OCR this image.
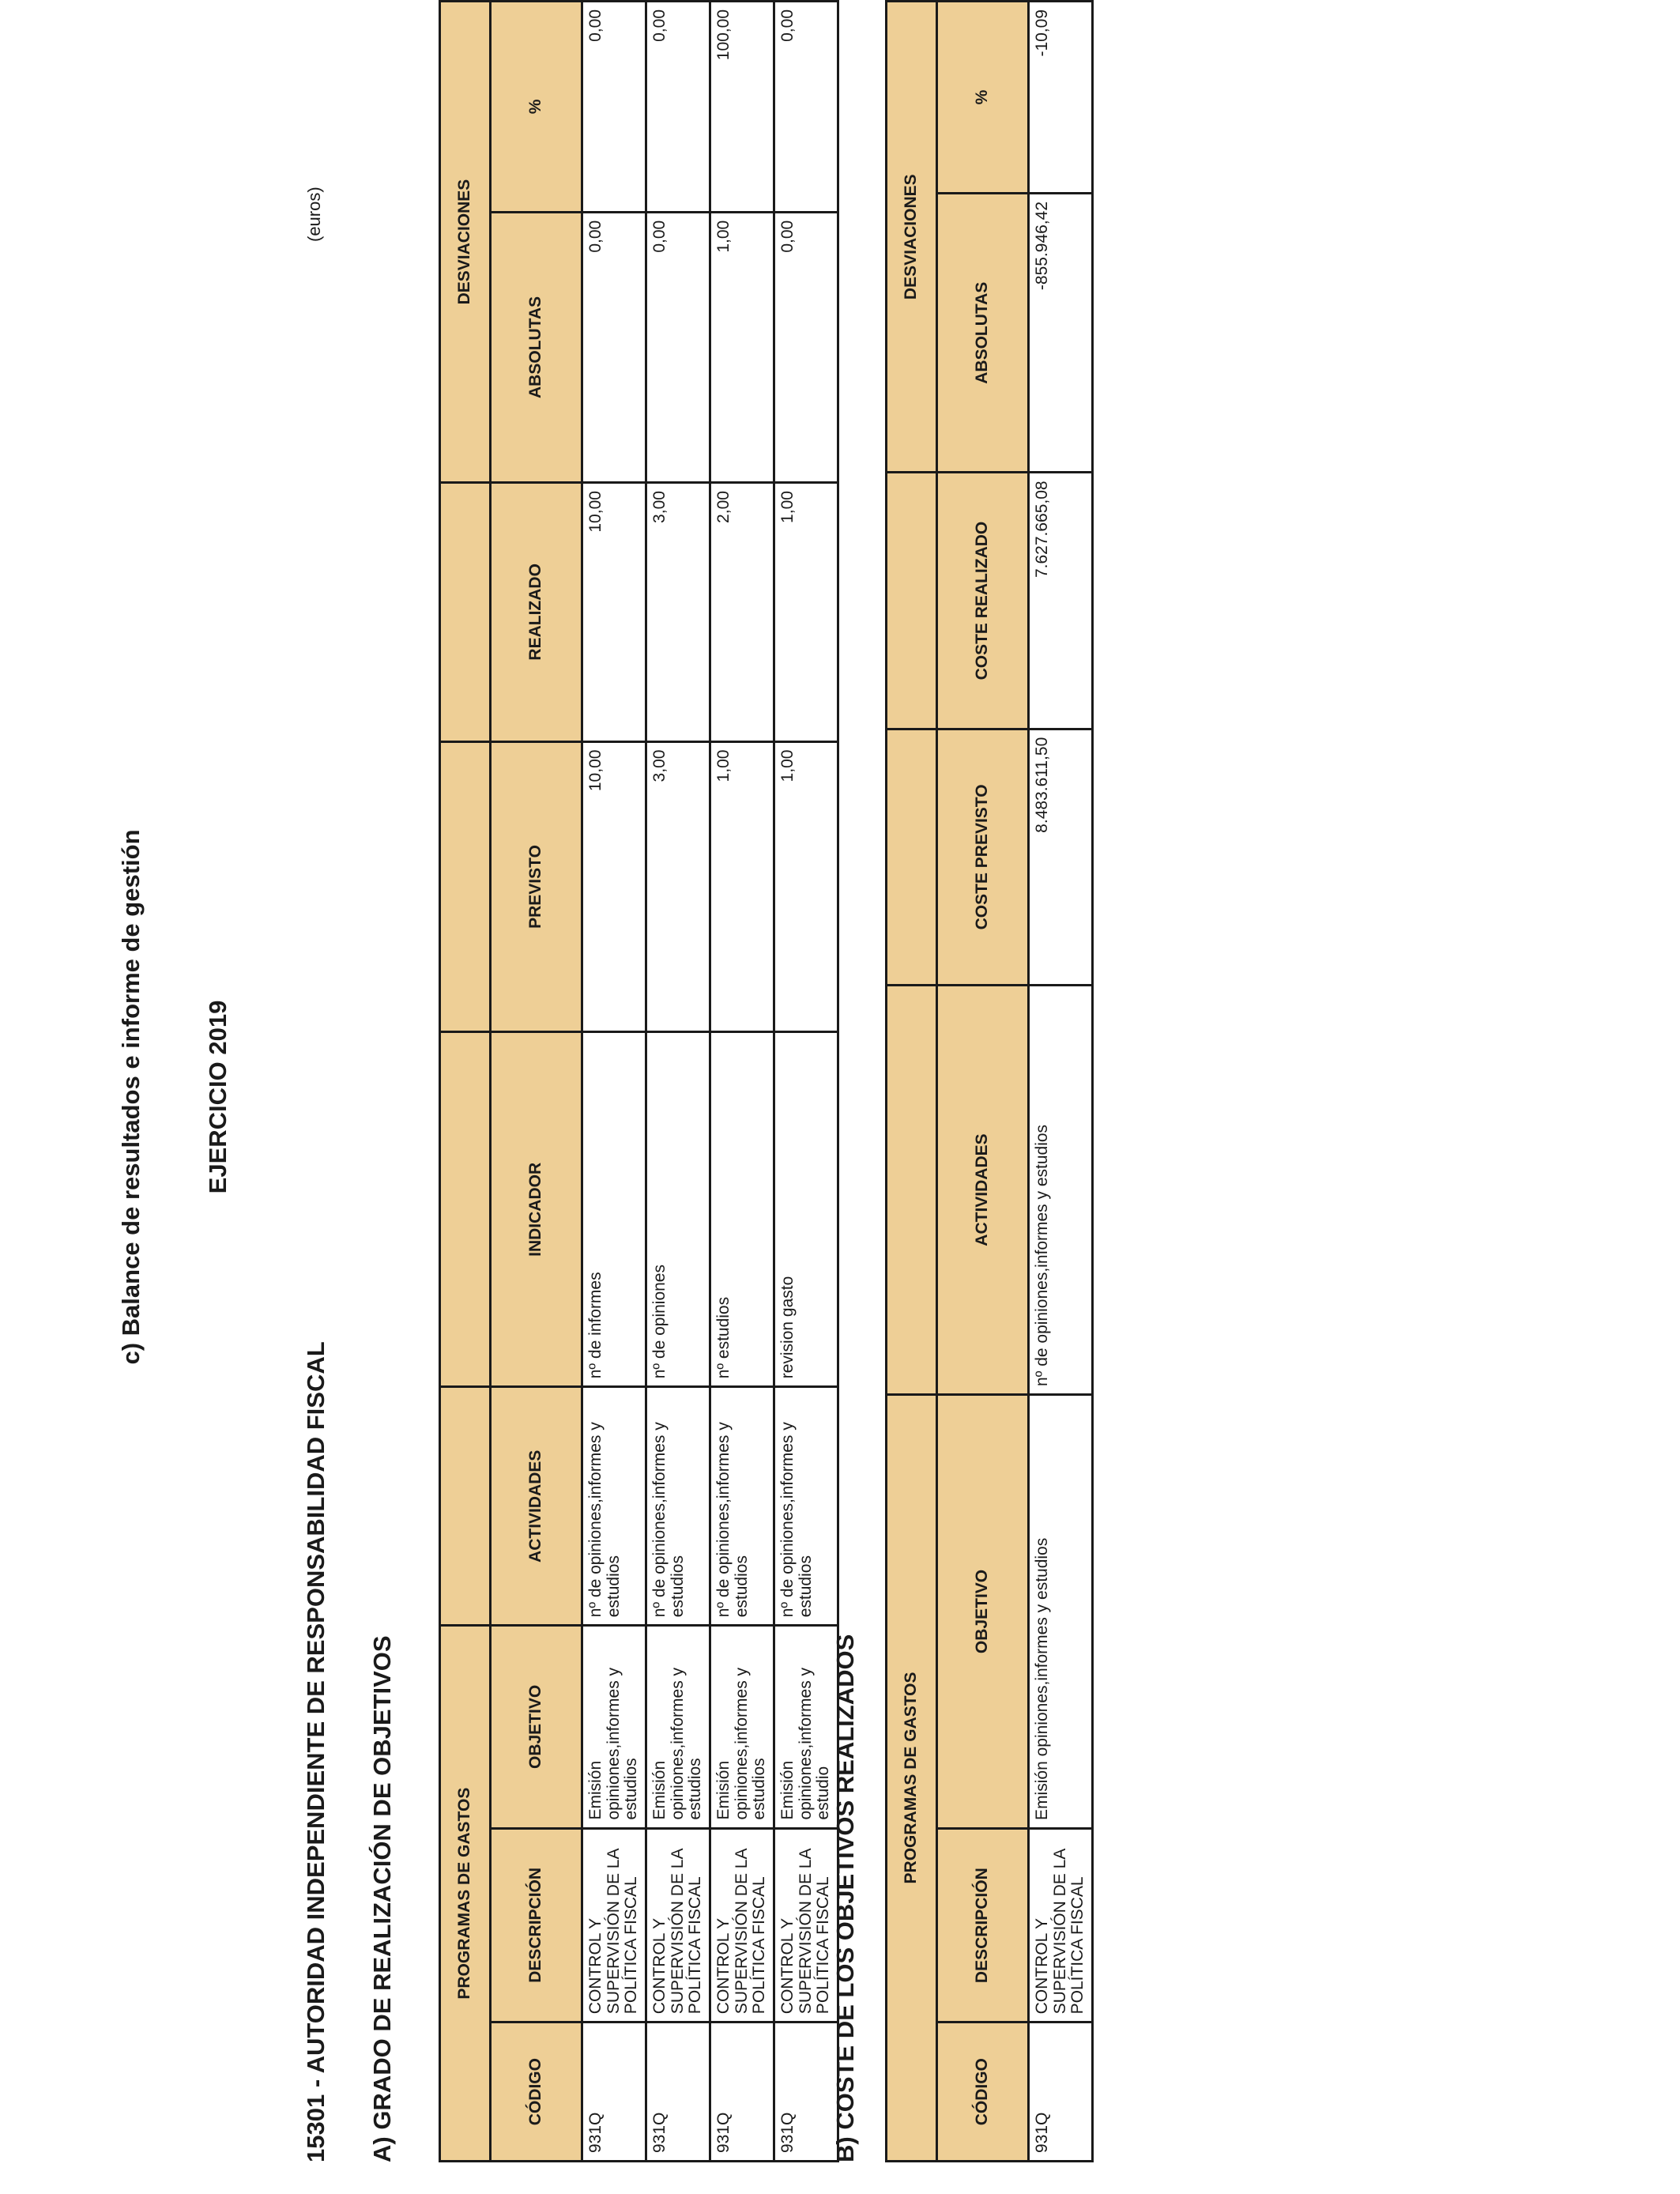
c) Balance de resultados e informe de gestión EJERCICIO 2019
(euros)
15301 - AUTORIDAD INDEPENDIENTE DE RESPONSABILIDAD FISCAL A) GRADO DE REALIZACIÓN DE OBJETIVOS	PROGRAMAS DE GASTOS							DESVIACIONES	
CÓDIGO	DESCRIPCIÓN	OBJETIVO	ACTIVIDADES	INDICADOR	PREVISTO	REALIZADO	ABSOLUTAS	%
931Q	CONTROL Y SUPERVISIÓN DE LA POLÍTICA FISCAL	Emisión opiniones,informes y estudios	nº de opiniones,informes y estudios	nº de informes	10,00	10,00	0,00	0,00
931Q	CONTROL Y SUPERVISIÓN DE LA POLÍTICA FISCAL	Emisión opiniones,informes y estudios	nº de opiniones,informes y estudios	nº de opiniones	3,00	3,00	0,00	0,00
931Q	CONTROL Y SUPERVISIÓN DE LA POLÍTICA FISCAL	Emisión opiniones,informes y estudios	nº de opiniones,informes y estudios	nº estudios	1,00	2,00	1,00	100,00
931Q	CONTROL Y SUPERVISIÓN DE LA POLÍTICA FISCAL	Emisión opiniones,informes y estudio	nº de opiniones,informes y estudios	revision gasto	1,00	1,00	0,00	0,00
B) COSTE DE LOS OBJETIVOS REALIZADOS	PROGRAMAS DE GASTOS						DESVIACIONES	
CÓDIGO	DESCRIPCIÓN	OBJETIVO	ACTIVIDADES	COSTE PREVISTO	COSTE REALIZADO	ABSOLUTAS	%
931Q	CONTROL Y SUPERVISIÓN DE LA POLÍTICA FISCAL	Emisión opiniones,informes y estudios	nº de opiniones,informes y estudios	8.483.611,50	7.627.665,08	-855.946,42	-10,09
